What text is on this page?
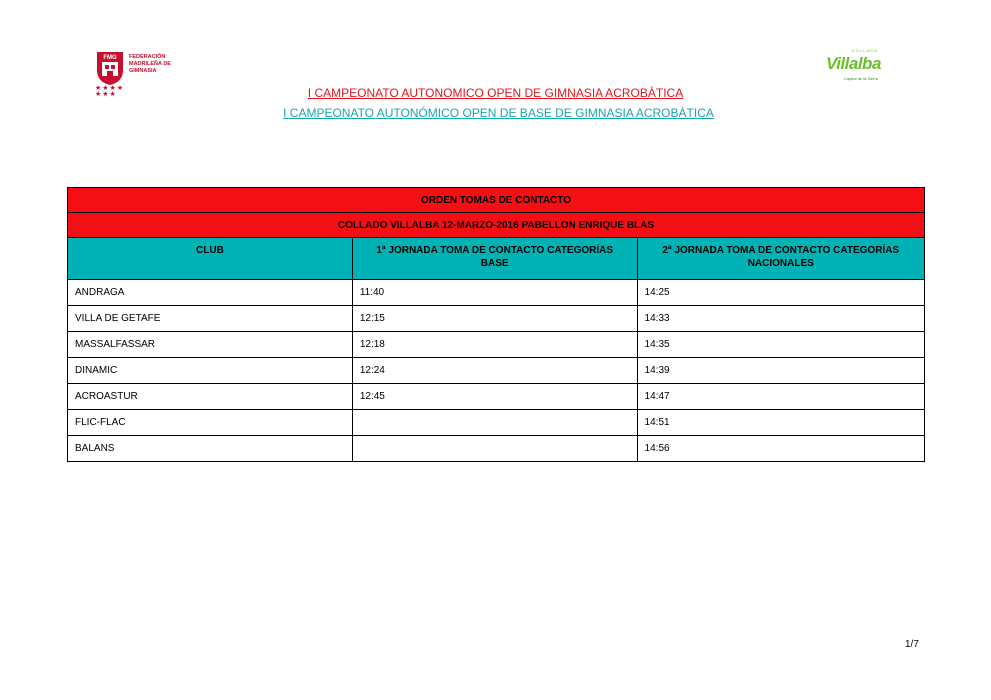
FMG FEDERACIÓN MADRILEÑA DE GIMNASIA
★★★★ ★★★
COLLADO
Villalba
Capital de la Sierra
I CAMPEONATO AUTONOMICO OPEN DE GIMNASIA ACROBÀTICA
I CAMPEONATO AUTONÓMICO OPEN DE BASE DE GIMNASIA ACROBÀTICA
ORDEN TOMAS DE CONTACTO		
COLLADO VILLALBA 12-MARZO-2016 PABELLON ENRIQUE BLAS		
CLUB	1ª JORNADA TOMA DE CONTACTO CATEGORÍAS BASE	2ª JORNADA TOMA DE CONTACTO CATEGORÍAS NACIONALES
ANDRAGA	11:40	14:25
VILLA DE GETAFE	12:15	14:33
MASSALFASSAR	12:18	14:35
DINAMIC	12:24	14:39
ACROASTUR	12:45	14:47
FLIC-FLAC		14:51
BALANS		14:56
1/7
